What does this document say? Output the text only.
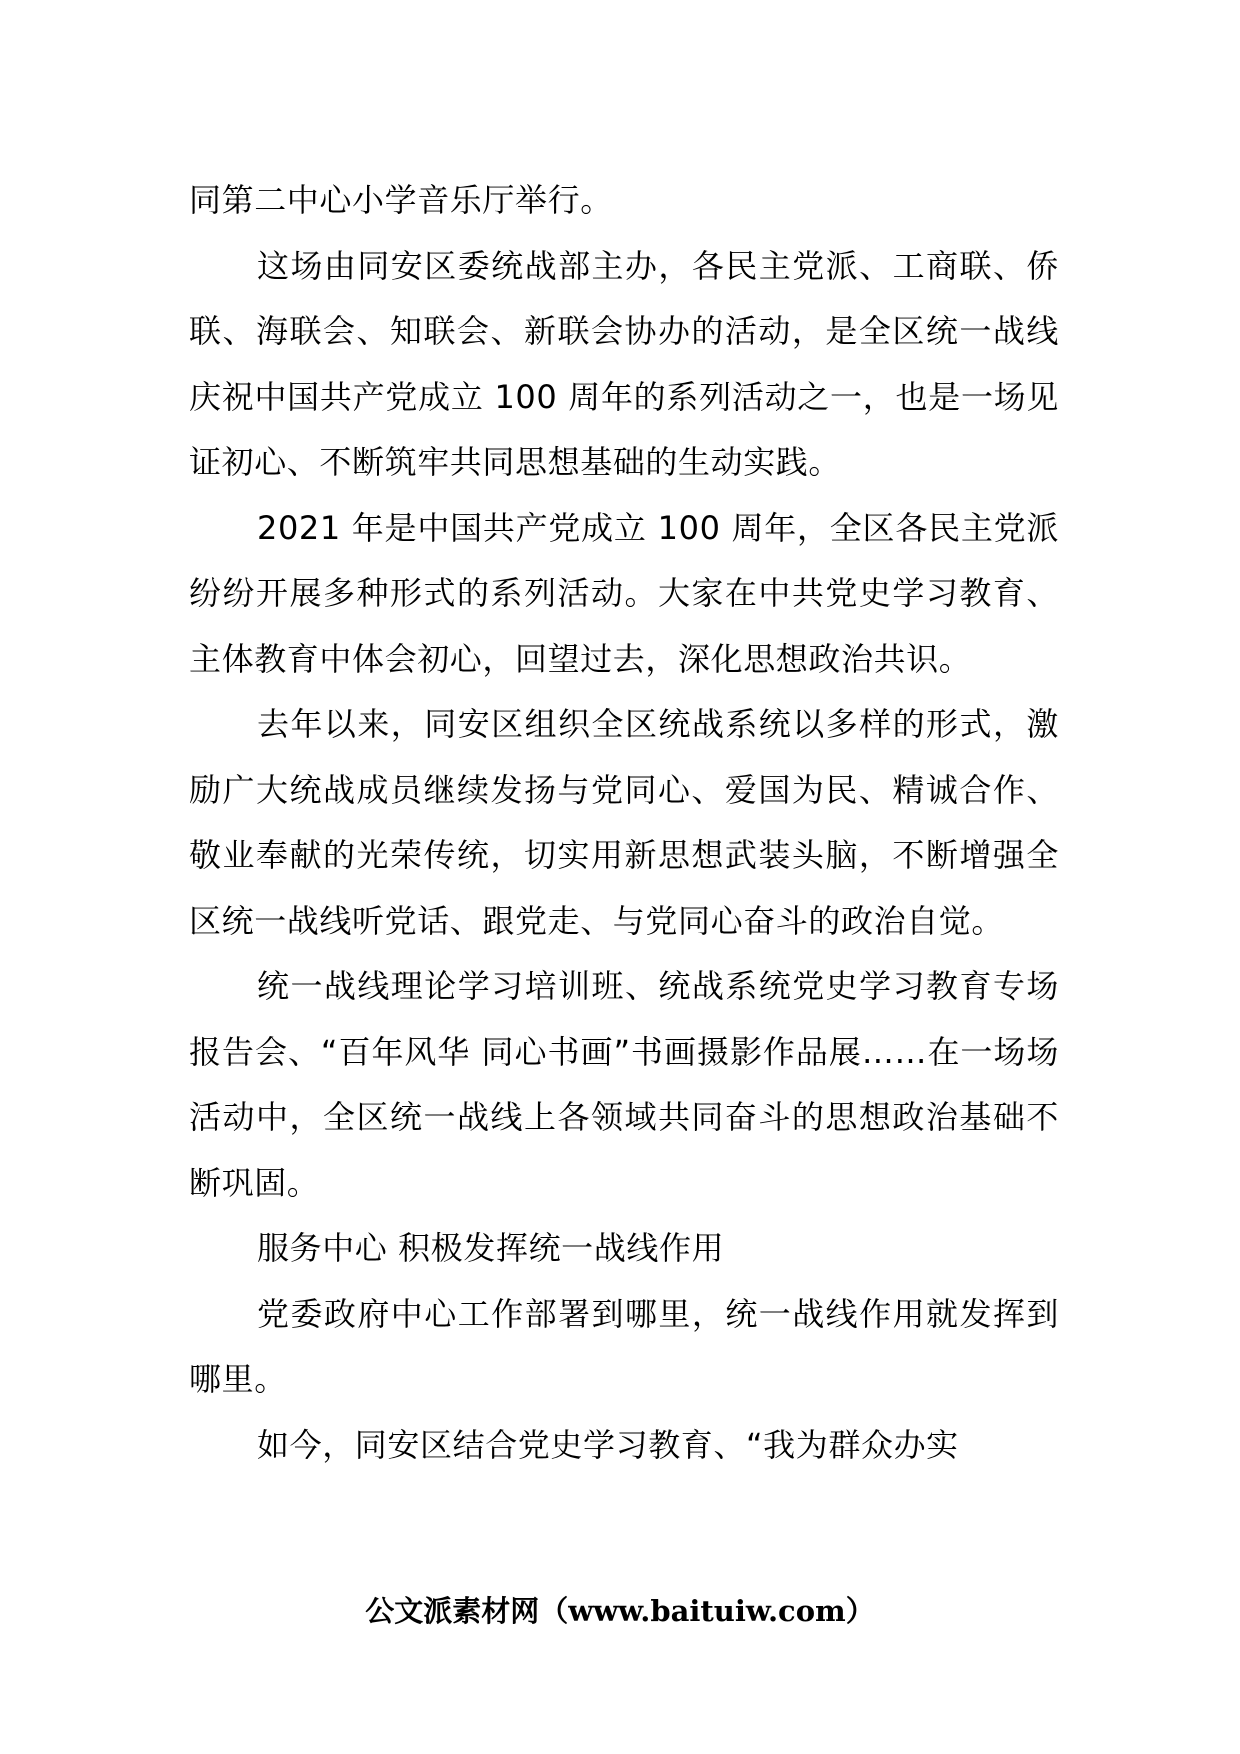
同第二中心小学音乐厅举行。

这场由同安区委统战部主办，各民主党派、工商联、侨联、海联会、知联会、新联会协办的活动，是全区统一战线庆祝中国共产党成立 100 周年的系列活动之一，也是一场见证初心、不断筑牢共同思想基础的生动实践。

2021 年是中国共产党成立 100 周年，全区各民主党派纷纷开展多种形式的系列活动。大家在中共党史学习教育、主体教育中体会初心，回望过去，深化思想政治共识。

去年以来，同安区组织全区统战系统以多样的形式，激励广大统战成员继续发扬与党同心、爱国为民、精诚合作、敬业奉献的光荣传统，切实用新思想武装头脑，不断增强全区统一战线听党话、跟党走、与党同心奋斗的政治自觉。

统一战线理论学习培训班、统战系统党史学习教育专场报告会、“百年风华 同心书画”书画摄影作品展……在一场场活动中，全区统一战线上各领域共同奋斗的思想政治基础不断巩固。

服务中心 积极发挥统一战线作用

党委政府中心工作部署到哪里，统一战线作用就发挥到哪里。

如今，同安区结合党史学习教育、“我为群众办实

公文派素材网（www.baituiw.com）
